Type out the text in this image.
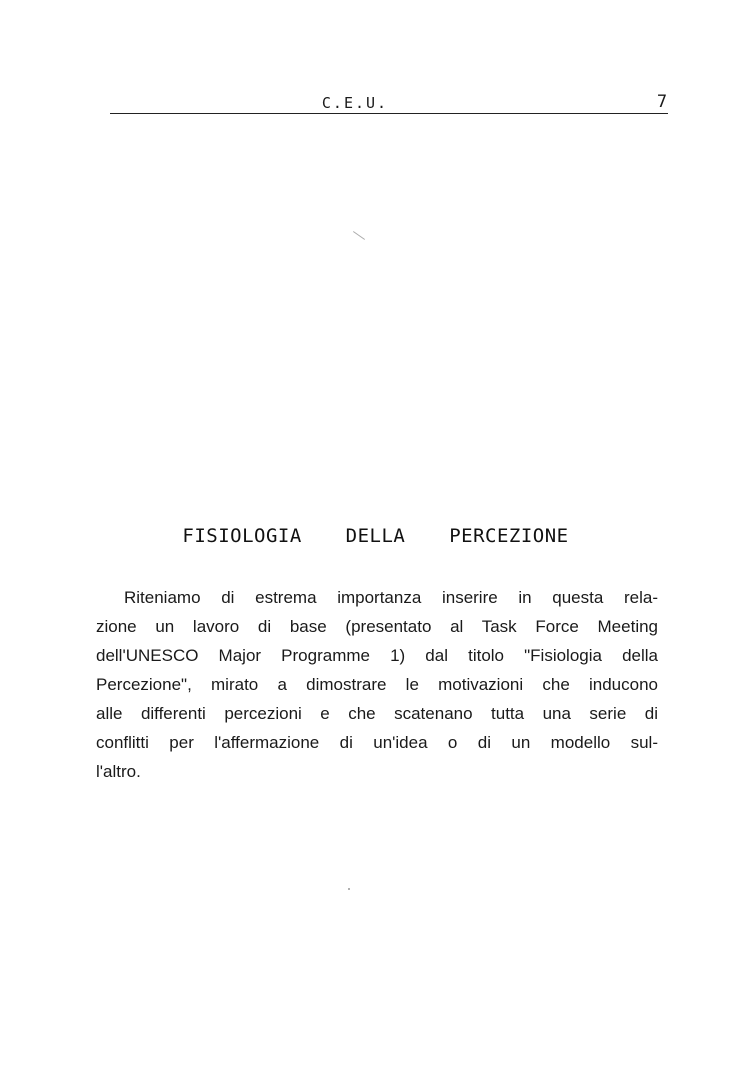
C.E.U.	7
FISIOLOGIA  DELLA  PERCEZIONE
Riteniamo di estrema importanza inserire in questa rela-
zione un lavoro di base (presentato al Task Force Meeting
dell'UNESCO Major Programme 1) dal titolo "Fisiologia della
Percezione", mirato a dimostrare le motivazioni che inducono
alle differenti percezioni e che scatenano tutta una serie di
conflitti per l'affermazione di un'idea o di un modello sul-
l'altro.
